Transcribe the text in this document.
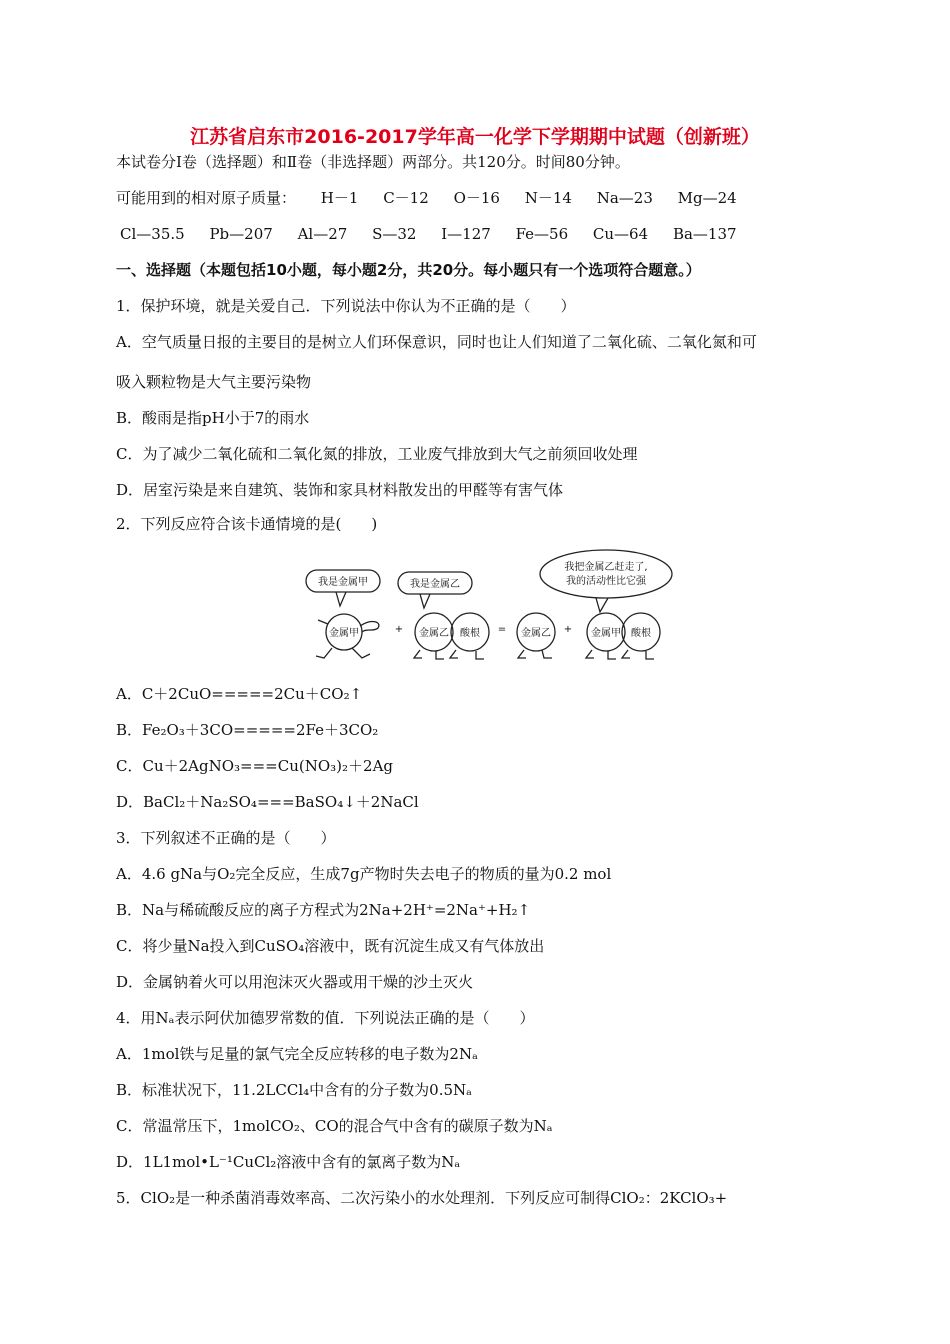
江苏省启东市2016-2017学年高一化学下学期期中试题（创新班）
本试卷分Ⅰ卷（选择题）和Ⅱ卷（非选择题）两部分。共120分。时间80分钟。
可能用到的相对原子质量： H－1 C－12 O－16 N－14 Na—23 Mg—24
Cl—35.5 Pb—207 Al—27 S—32 I—127 Fe—56 Cu—64 Ba—137
一、选择题（本题包括10小题，每小题2分，共20分。每小题只有一个选项符合题意。）
1．保护环境，就是关爱自己．下列说法中你认为不正确的是（　　）
A．空气质量日报的主要目的是树立人们环保意识，同时也让人们知道了二氧化硫、二氧化氮和可
吸入颗粒物是大气主要污染物
B．酸雨是指pH小于7的雨水
C．为了减少二氧化硫和二氧化氮的排放，工业废气排放到大气之前须回收处理
D．居室污染是来自建筑、装饰和家具材料散发出的甲醛等有害气体
2．下列反应符合该卡通情境的是(　　)
我是金属甲	我是金属乙
我把金属乙赶走了,
我的活动性比它强
金属甲	金属乙 酸根	金属乙	金属甲 酸根
+	=	+
A．C＋2CuO=====2Cu＋CO₂↑
B．Fe₂O₃＋3CO=====2Fe＋3CO₂
C．Cu＋2AgNO₃===Cu(NO₃)₂＋2Ag
D．BaCl₂＋Na₂SO₄===BaSO₄↓＋2NaCl
3．下列叙述不正确的是（　　）
A．4.6 gNa与O₂完全反应，生成7g产物时失去电子的物质的量为0.2 mol
B．Na与稀硫酸反应的离子方程式为2Na+2H⁺=2Na⁺+H₂↑
C．将少量Na投入到CuSO₄溶液中，既有沉淀生成又有气体放出
D．金属钠着火可以用泡沫灭火器或用干燥的沙土灭火
4．用Nₐ表示阿伏加德罗常数的值．下列说法正确的是（　　）
A．1mol铁与足量的氯气完全反应转移的电子数为2Nₐ
B．标准状况下，11.2LCCl₄中含有的分子数为0.5Nₐ
C．常温常压下，1molCO₂、CO的混合气中含有的碳原子数为Nₐ
D．1L1mol•L⁻¹CuCl₂溶液中含有的氯离子数为Nₐ
5．ClO₂是一种杀菌消毒效率高、二次污染小的水处理剂．下列反应可制得ClO₂：2KClO₃+
